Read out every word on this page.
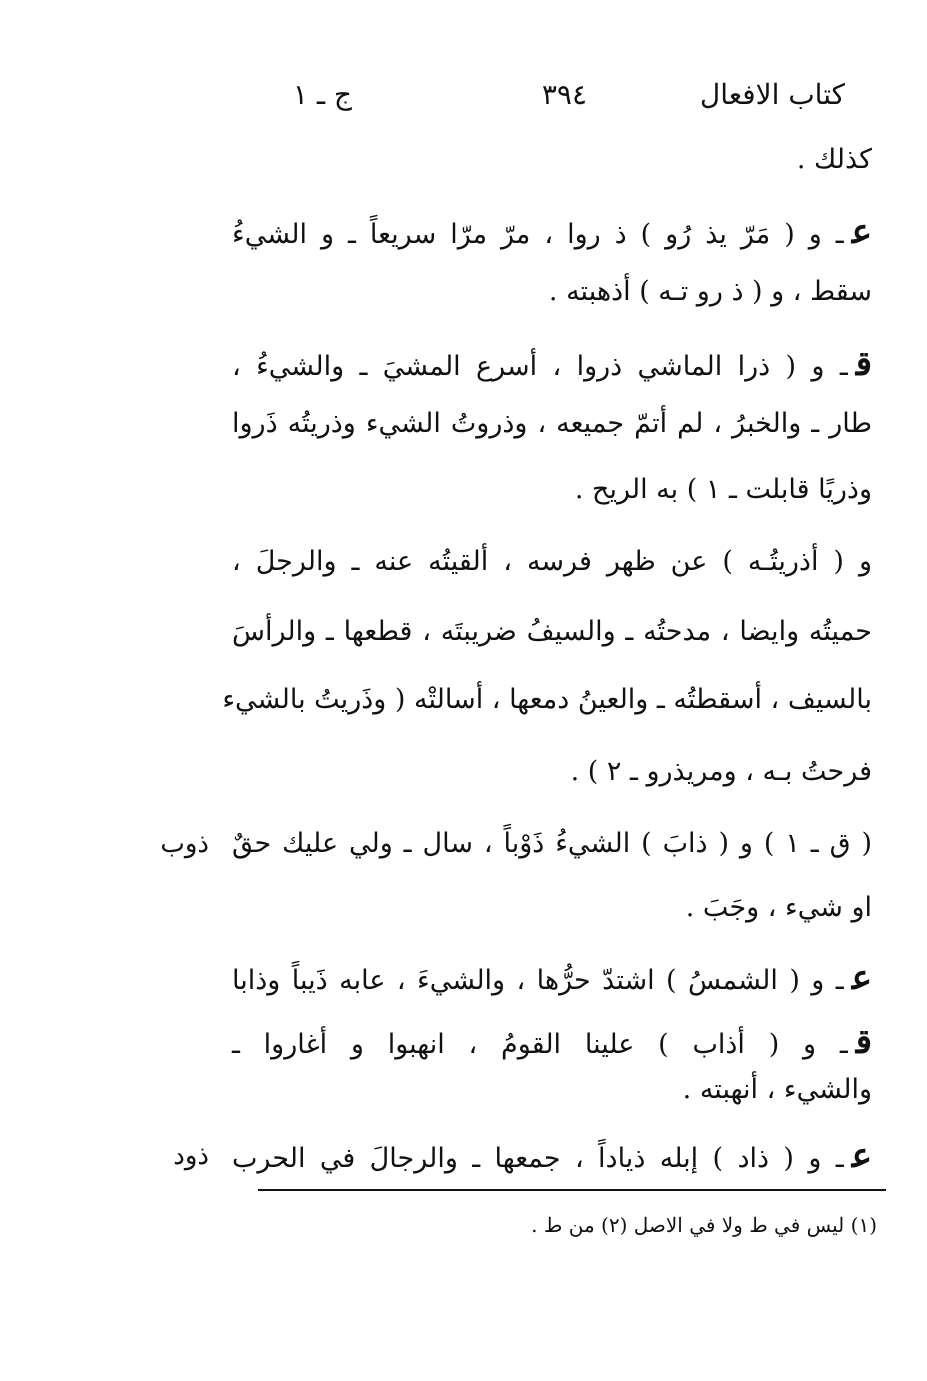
كتاب الافعال
٣٩٤
ج ـ ١
كذلك .
عـ و ( مَرّ يذ رُو ) ذ روا ، مرّ مرّا سريعاً ـ و الشيءُ
سقط ، و ( ذ رو تـه ) أذهبته .
قـ و ( ذرا الماشي ذروا ، أسرع المشيَ ـ والشيءُ ،
طار ـ والخبرُ ، لم أتمّ جميعه ، وذروتُ الشيء وذريتُه ذَروا
وذريًا قابلت ـ ١ ) به الريح .
و ( أذريتُـه ) عن ظهر فرسه ، ألقيتُه عنه ـ والرجلَ ،
حميتُه وايضا ، مدحتُه ـ والسيفُ ضريبتَه ، قطعها ـ والرأسَ
بالسيف ، أسقطتُه ـ والعينُ دمعها ، أسالتْه ( وذَريتُ بالشيء
فرحتُ بـه ، ومريذرو ـ ٢ ) .
( ق ـ ١ ) و ( ذابَ ) الشيءُ ذَوْباً ، سال ـ ولي عليك حقٌ
ذوب
او شيء ، وجَبَ .
عـ و ( الشمسُ ) اشتدّ حرُّها ، والشيءَ ، عابه ذَيباً وذابا
قـ و ( أذاب ) علينا القومُ ، انهبوا و أغاروا ـ
والشيء ، أنهبته .
عـ و ( ذاد ) إبله ذياداً ، جمعها ـ والرجالَ في الحرب
ذود
(١) ليس في ط ولا في الاصل (٢) من ط .
